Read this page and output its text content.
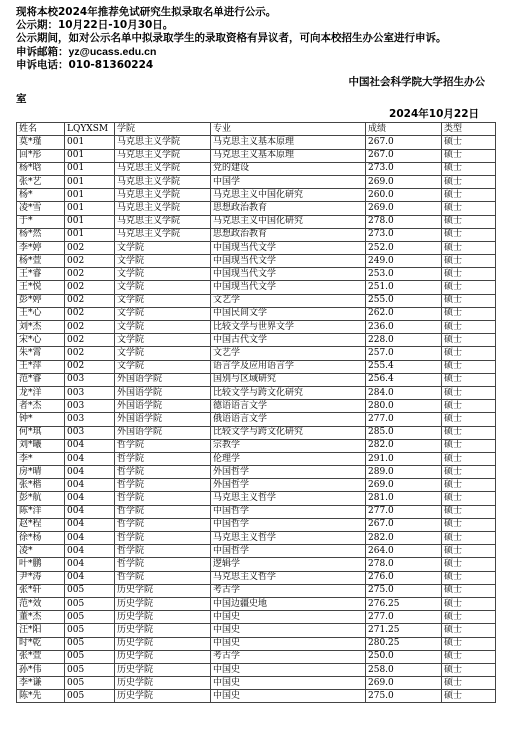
现将本校2024年推荐免试研究生拟录取名单进行公示。

公示期：10月22日-10月30日。

公示期间，如对公示名单中拟录取学生的录取资格有异议者，可向本校招生办公室进行申诉。

申诉邮箱：yz@ucass.edu.cn

申诉电话：010-81360224

中国社会科学院大学招生办公
室
2024年10月22日
姓名	LQYXSM	学院	专业	成绩	类型
莫*瑾	001	马克思主义学院	马克思主义基本原理	267.0	硕士
回*彤	001	马克思主义学院	马克思主义基本原理	267.0	硕士
杨*晗	001	马克思主义学院	党的建设	273.0	硕士
张*艺	001	马克思主义学院	中国学	269.0	硕士
杨*	001	马克思主义学院	马克思主义中国化研究	260.0	硕士
凌*雪	001	马克思主义学院	思想政治教育	269.0	硕士
于*	001	马克思主义学院	马克思主义中国化研究	278.0	硕士
杨*然	001	马克思主义学院	思想政治教育	273.0	硕士
李*婷	002	文学院	中国现当代文学	252.0	硕士
杨*萱	002	文学院	中国现当代文学	249.0	硕士
王*睿	002	文学院	中国现当代文学	253.0	硕士
王*悦	002	文学院	中国现当代文学	251.0	硕士
彭*婷	002	文学院	文艺学	255.0	硕士
王*心	002	文学院	中国民间文学	262.0	硕士
刘*杰	002	文学院	比较文学与世界文学	236.0	硕士
宋*心	002	文学院	中国古代文学	228.0	硕士
朱*霄	002	文学院	文艺学	257.0	硕士
王*萍	002	文学院	语言学及应用语言学	255.4	硕士
范*睿	003	外国语学院	国别与区域研究	256.4	硕士
龙*洋	003	外国语学院	比较文学与跨文化研究	284.0	硕士
者*杰	003	外国语学院	德语语言文学	280.0	硕士
钟*	003	外国语学院	俄语语言文学	277.0	硕士
何*琪	003	外国语学院	比较文学与跨文化研究	285.0	硕士
刘*曦	004	哲学院	宗教学	282.0	硕士
李*	004	哲学院	伦理学	291.0	硕士
房*晴	004	哲学院	外国哲学	289.0	硕士
张*楷	004	哲学院	外国哲学	269.0	硕士
彭*航	004	哲学院	马克思主义哲学	281.0	硕士
陈*洋	004	哲学院	中国哲学	277.0	硕士
赵*程	004	哲学院	中国哲学	267.0	硕士
徐*杨	004	哲学院	马克思主义哲学	282.0	硕士
凌*	004	哲学院	中国哲学	264.0	硕士
叶*鹏	004	哲学院	逻辑学	278.0	硕士
尹*涛	004	哲学院	马克思主义哲学	276.0	硕士
张*轩	005	历史学院	考古学	275.0	硕士
范*效	005	历史学院	中国边疆史地	276.25	硕士
董*杰	005	历史学院	中国史	277.0	硕士
汪*阳	005	历史学院	中国史	271.25	硕士
时*乾	005	历史学院	中国史	280.25	硕士
张*萱	005	历史学院	考古学	250.0	硕士
孙*伟	005	历史学院	中国史	258.0	硕士
李*谦	005	历史学院	中国史	269.0	硕士
陈*先	005	历史学院	中国史	275.0	硕士
